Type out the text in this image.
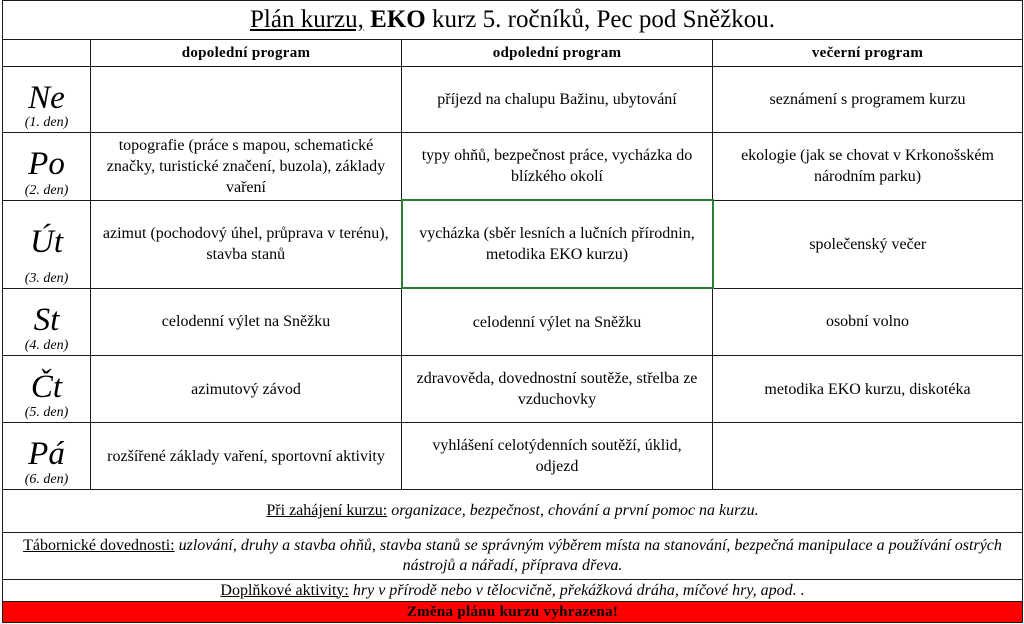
Plán kurzu, EKO kurz 5. ročníků, Pec pod Sněžkou.			
	dopolední program	odpolední program	večerní program

Ne
(1. den)		příjezd na chalupu Bažinu, ubytování	seznámení s programem kurzu

Po
(2. den)	topografie (práce s mapou, schematické značky, turistické značení, buzola), základy vaření	typy ohňů, bezpečnost práce, vycházka do blízkého okolí	ekologie (jak se chovat v Krkonošském národním parku)

Út
(3. den)	azimut (pochodový úhel, průprava v terénu), stavba stanů	vycházka (sběr lesních a lučních přírodnin, metodika EKO kurzu)	společenský večer

St
(4. den)	celodenní výlet na Sněžku	celodenní výlet na Sněžku	osobní volno

Čt
(5. den)	azimutový závod	zdravověda, dovednostní soutěže, střelba ze vzduchovky	metodika EKO kurzu, diskotéka

Pá
(6. den)	rozšířené základy vaření, sportovní aktivity	vyhlášení celotýdenních soutěží, úklid, odjezd	

Při zahájení kurzu: organizace, bezpečnost, chování a první pomoc na kurzu.			
Tábornické dovednosti: uzlování, druhy a stavba ohňů, stavba stanů se správným výběrem místa na stanování, bezpečná manipulace a používání ostrých nástrojů a nářadí, příprava dřeva.			
Doplňkové aktivity: hry v přírodě nebo v tělocvičně, překážková dráha, míčové hry, apod. .			
Změna plánu kurzu vyhrazena!			
